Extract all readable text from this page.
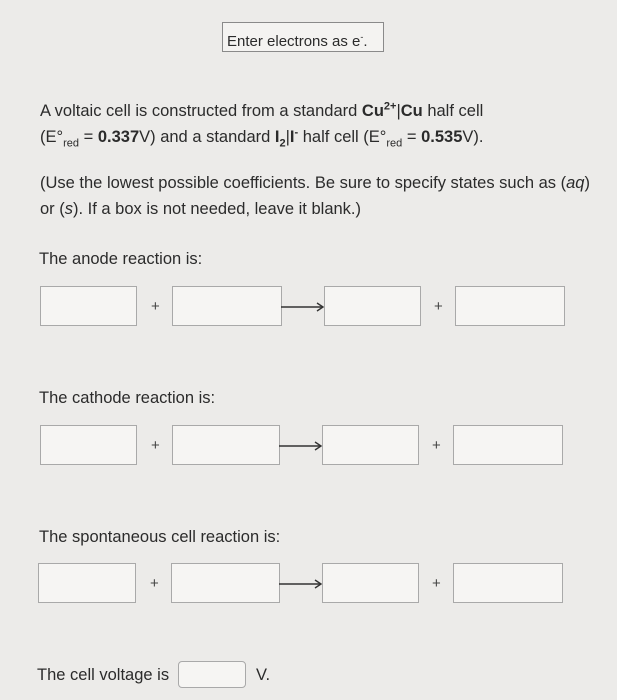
Enter electrons as e-.
A voltaic cell is constructed from a standard $Cu^{2+}|Cu$ half cell
$(E^\circ_{red} = 0.337V)$ and a standard $I_2|I^-$ half cell $(E^\circ_{red} = 0.535V)$.
(Use the lowest possible coefficients. Be sure to specify states such as (aq) or (s). If a box is not needed, leave it blank.)
The anode reaction is:
+	+
The cathode reaction is:
+	+
The spontaneous cell reaction is:
+	+
The cell voltage is	V.
